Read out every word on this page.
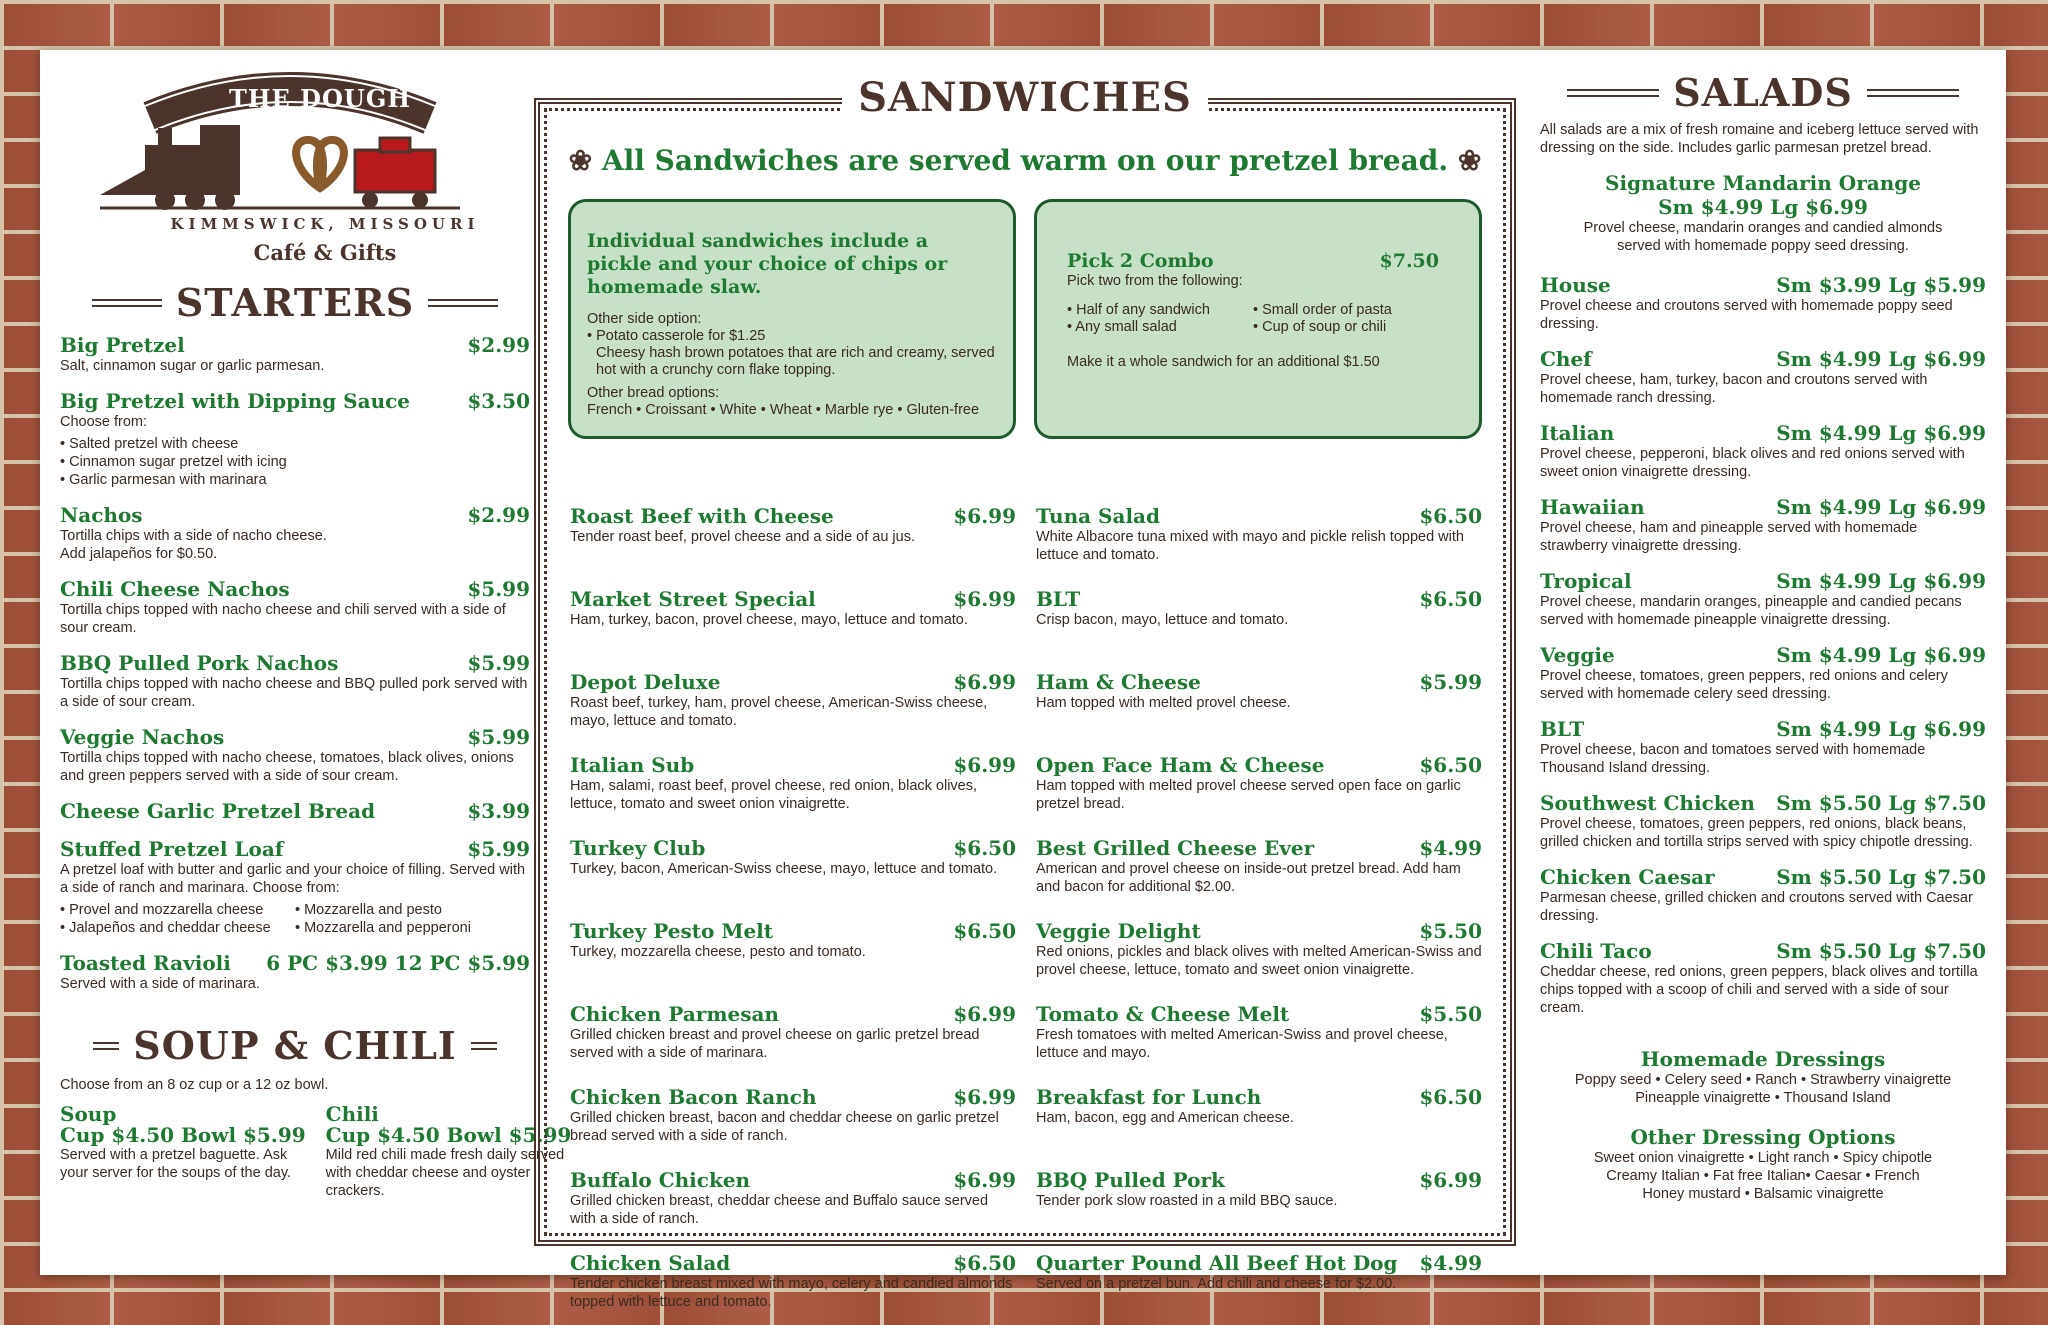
THE DOUGH DEPOT
KIMMSWICK, MISSOURI
Café & Gifts
STARTERS
Big Pretzel	$2.99
Salt, cinnamon sugar or garlic parmesan.
Big Pretzel with Dipping Sauce	$3.50
Choose from:
• Salted pretzel with cheese
• Cinnamon sugar pretzel with icing
• Garlic parmesan with marinara
Nachos	$2.99
Tortilla chips with a side of nacho cheese.
Add jalapeños for $0.50.
Chili Cheese Nachos	$5.99
Tortilla chips topped with nacho cheese and chili served with a side of sour cream.
BBQ Pulled Pork Nachos	$5.99
Tortilla chips topped with nacho cheese and BBQ pulled pork served with a side of sour cream.
Veggie Nachos	$5.99
Tortilla chips topped with nacho cheese, tomatoes, black olives, onions and green peppers served with a side of sour cream.
Cheese Garlic Pretzel Bread	$3.99
Stuffed Pretzel Loaf	$5.99
A pretzel loaf with butter and garlic and your choice of filling. Served with a side of ranch and marinara. Choose from:
• Provel and mozzarella cheese	• Mozzarella and pesto
• Jalapeños and cheddar cheese	• Mozzarella and pepperoni
Toasted Ravioli 6 PC $3.99 12 PC $5.99
Served with a side of marinara.
SOUP & CHILI
Choose from an 8 oz cup or a 12 oz bowl.
Soup
Cup $4.50 Bowl $5.99
Served with a pretzel baguette. Ask your server for the soups of the day.
Chili
Cup $4.50 Bowl $5.99
Mild red chili made fresh daily served with cheddar cheese and oyster crackers.
SANDWICHES
❀ All Sandwiches are served warm on our pretzel bread. ❀
Individual sandwiches include a pickle and your choice of chips or homemade slaw.
Other side option:
• Potato casserole for $1.25
Cheesy hash brown potatoes that are rich and creamy, served hot with a crunchy corn flake topping.
Other bread options:
French • Croissant • White • Wheat • Marble rye • Gluten-free
Pick 2 Combo	$7.50
Pick two from the following:
• Half of any sandwich	• Small order of pasta
• Any small salad	• Cup of soup or chili
Make it a whole sandwich for an additional $1.50
Roast Beef with Cheese	$6.99
Tender roast beef, provel cheese and a side of au jus.
Market Street Special	$6.99
Ham, turkey, bacon, provel cheese, mayo, lettuce and tomato.
Depot Deluxe	$6.99
Roast beef, turkey, ham, provel cheese, American-Swiss cheese, mayo, lettuce and tomato.
Italian Sub	$6.99
Ham, salami, roast beef, provel cheese, red onion, black olives, lettuce, tomato and sweet onion vinaigrette.
Turkey Club	$6.50
Turkey, bacon, American-Swiss cheese, mayo, lettuce and tomato.
Turkey Pesto Melt	$6.50
Turkey, mozzarella cheese, pesto and tomato.
Chicken Parmesan	$6.99
Grilled chicken breast and provel cheese on garlic pretzel bread served with a side of marinara.
Chicken Bacon Ranch	$6.99
Grilled chicken breast, bacon and cheddar cheese on garlic pretzel bread served with a side of ranch.
Buffalo Chicken	$6.99
Grilled chicken breast, cheddar cheese and Buffalo sauce served with a side of ranch.
Chicken Salad	$6.50
Tender chicken breast mixed with mayo, celery and candied almonds topped with lettuce and tomato.
Tuna Salad	$6.50
White Albacore tuna mixed with mayo and pickle relish topped with lettuce and tomato.
BLT	$6.50
Crisp bacon, mayo, lettuce and tomato.
Ham & Cheese	$5.99
Ham topped with melted provel cheese.
Open Face Ham & Cheese	$6.50
Ham topped with melted provel cheese served open face on garlic pretzel bread.
Best Grilled Cheese Ever	$4.99
American and provel cheese on inside-out pretzel bread. Add ham and bacon for additional $2.00.
Veggie Delight	$5.50
Red onions, pickles and black olives with melted American-Swiss and provel cheese, lettuce, tomato and sweet onion vinaigrette.
Tomato & Cheese Melt	$5.50
Fresh tomatoes with melted American-Swiss and provel cheese, lettuce and mayo.
Breakfast for Lunch	$6.50
Ham, bacon, egg and American cheese.
BBQ Pulled Pork	$6.99
Tender pork slow roasted in a mild BBQ sauce.
Quarter Pound All Beef Hot Dog $4.99
Served on a pretzel bun. Add chili and cheese for $2.00.
SALADS
All salads are a mix of fresh romaine and iceberg lettuce served with dressing on the side. Includes garlic parmesan pretzel bread.
Signature Mandarin Orange
Sm $4.99 Lg $6.99
Provel cheese, mandarin oranges and candied almonds served with homemade poppy seed dressing.
House	Sm $3.99 Lg $5.99
Provel cheese and croutons served with homemade poppy seed dressing.
Chef	Sm $4.99 Lg $6.99
Provel cheese, ham, turkey, bacon and croutons served with homemade ranch dressing.
Italian	Sm $4.99 Lg $6.99
Provel cheese, pepperoni, black olives and red onions served with sweet onion vinaigrette dressing.
Hawaiian	Sm $4.99 Lg $6.99
Provel cheese, ham and pineapple served with homemade strawberry vinaigrette dressing.
Tropical	Sm $4.99 Lg $6.99
Provel cheese, mandarin oranges, pineapple and candied pecans served with homemade pineapple vinaigrette dressing.
Veggie	Sm $4.99 Lg $6.99
Provel cheese, tomatoes, green peppers, red onions and celery served with homemade celery seed dressing.
BLT	Sm $4.99 Lg $6.99
Provel cheese, bacon and tomatoes served with homemade Thousand Island dressing.
Southwest Chicken Sm $5.50 Lg $7.50
Provel cheese, tomatoes, green peppers, red onions, black beans, grilled chicken and tortilla strips served with spicy chipotle dressing.
Chicken Caesar	Sm $5.50 Lg $7.50
Parmesan cheese, grilled chicken and croutons served with Caesar dressing.
Chili Taco	Sm $5.50 Lg $7.50
Cheddar cheese, red onions, green peppers, black olives and tortilla chips topped with a scoop of chili and served with a side of sour cream.
Homemade Dressings
Poppy seed • Celery seed • Ranch • Strawberry vinaigrette
Pineapple vinaigrette • Thousand Island
Other Dressing Options
Sweet onion vinaigrette • Light ranch • Spicy chipotle
Creamy Italian • Fat free Italian• Caesar • French
Honey mustard • Balsamic vinaigrette
